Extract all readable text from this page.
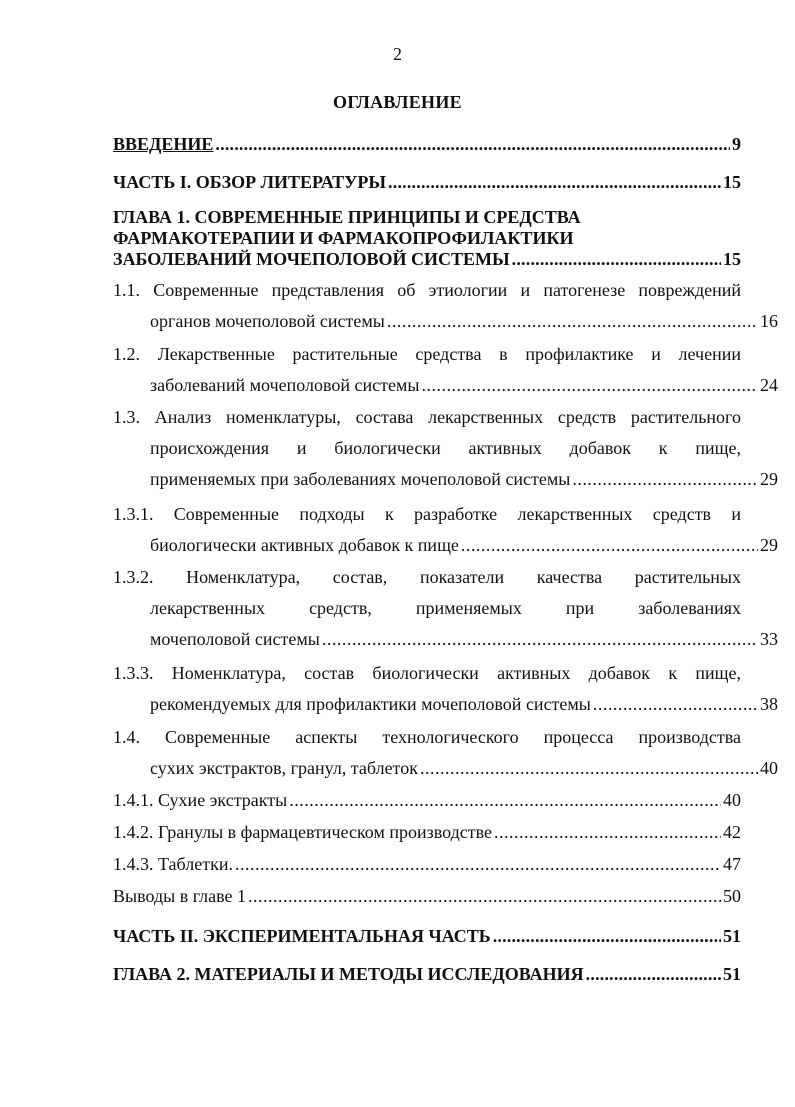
2
ОГЛАВЛЕНИЕ
ВВЕДЕНИЕ .....	9
ЧАСТЬ I. ОБЗОР ЛИТЕРАТУРЫ .....	15
ГЛАВА 1. СОВРЕМЕННЫЕ ПРИНЦИПЫ И СРЕДСТВА
ФАРМАКОТЕРАПИИ И ФАРМАКОПРОФИЛАКТИКИ
ЗАБОЛЕВАНИЙ МОЧЕПОЛОВОЙ СИСТЕМЫ .....	15
1.1. Современные представления об этиологии и патогенезе повреждений
органов мочеполовой системы .....	16
1.2. Лекарственные растительные средства в профилактике и лечении
заболеваний мочеполовой системы .....	24
1.3. Анализ номенклатуры, состава лекарственных средств растительного
происхождения и биологически активных добавок к пище,
применяемых при заболеваниях мочеполовой системы .....	29
1.3.1. Современные подходы к разработке лекарственных средств и
биологически активных добавок к пище .....	29
1.3.2. Номенклатура, состав, показатели качества растительных
лекарственных средств, применяемых при заболеваниях
мочеполовой системы .....	33
1.3.3. Номенклатура, состав биологически активных добавок к пище,
рекомендуемых для профилактики мочеполовой системы .....	38
1.4. Современные аспекты технологического процесса производства
сухих экстрактов, гранул, таблеток .....	40
1.4.1. Сухие экстракты .....	40
1.4.2. Гранулы в фармацевтическом производстве .....	42
1.4.3. Таблетки. .....	47
Выводы в главе 1 .....	50
ЧАСТЬ II. ЭКСПЕРИМЕНТАЛЬНАЯ ЧАСТЬ .....	51
ГЛАВА 2. МАТЕРИАЛЫ И МЕТОДЫ ИССЛЕДОВАНИЯ .....	51
